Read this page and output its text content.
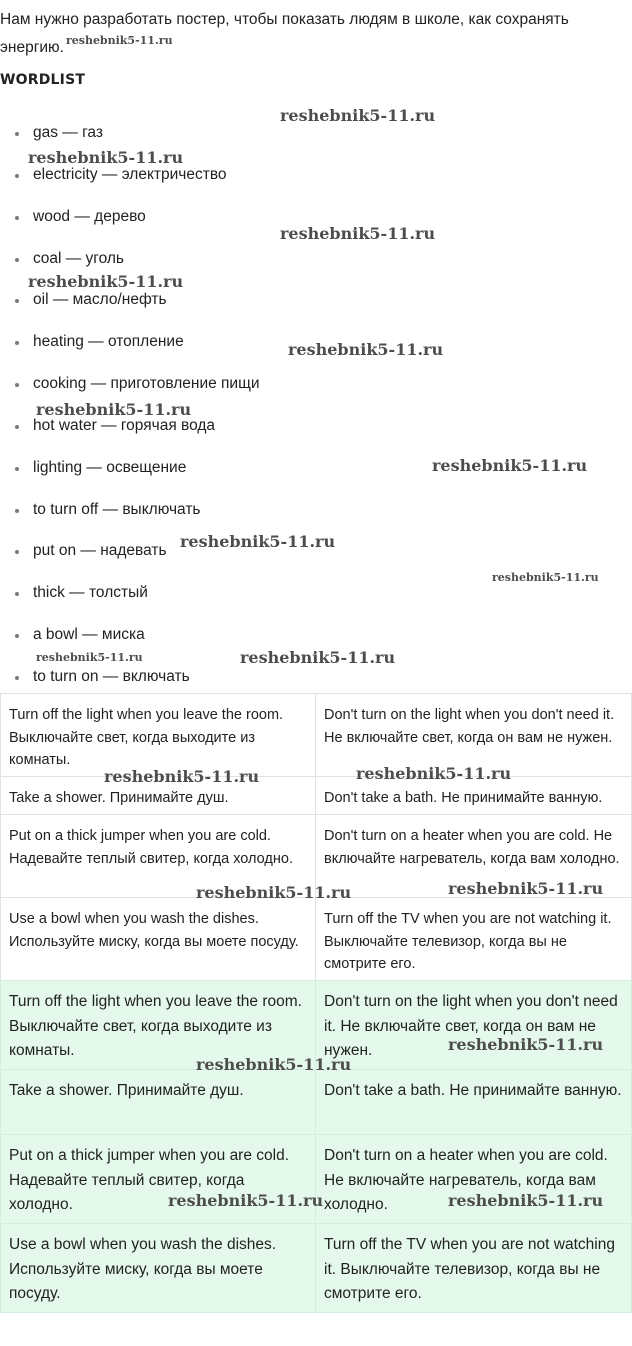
Нам нужно разработать постер, чтобы показать людям в школе, как сохранять энергию. $^{reshebnik5-11.ru}$
WORDLIST
gas — газ
electricity — электричество
wood — дерево
coal — уголь
oil — масло/нефть
heating — отопление
cooking — приготовление пищи
hot water — горячая вода
lighting — освещение
to turn off — выключать
put on — надевать
thick — толстый
a bowl — миска
to turn on — включать
Turn off the light when you leave the room. Выключайте свет, когда выходите из комнаты.	Don't turn on the light when you don't need it. Не включайте свет, когда он вам не нужен.
Take a shower. Принимайте душ.	Don't take a bath. Не принимайте ванную.
Put on a thick jumper when you are cold. Надевайте теплый свитер, когда холодно.	Don't turn on a heater when you are cold. Не включайте нагреватель, когда вам холодно.
Use a bowl when you wash the dishes. Используйте миску, когда вы моете посуду.	Turn off the TV when you are not watching it. Выключайте телевизор, когда вы не смотрите его.
Turn off the light when you leave the room. Выключайте свет, когда выходите из комнаты.	Don't turn on the light when you don't need it. Не включайте свет, когда он вам не нужен.
Take a shower. Принимайте душ.	Don't take a bath. Не принимайте ванную.
Put on a thick jumper when you are cold. Надевайте теплый свитер, когда холодно.	Don't turn on a heater when you are cold. Не включайте нагреватель, когда вам холодно.
Use a bowl when you wash the dishes. Используйте миску, когда вы моете посуду.	Turn off the TV when you are not watching it. Выключайте телевизор, когда вы не смотрите его.
reshebnik5-11.ru
reshebnik5-11.ru
reshebnik5-11.ru
reshebnik5-11.ru
reshebnik5-11.ru
reshebnik5-11.ru
reshebnik5-11.ru
reshebnik5-11.ru
reshebnik5-11.ru
reshebnik5-11.ru	reshebnik5-11.ru
reshebnik5-11.ru	reshebnik5-11.ru
reshebnik5-11.ru	reshebnik5-11.ru
reshebnik5-11.ru
reshebnik5-11.ru
reshebnik5-11.ru	reshebnik5-11.ru
